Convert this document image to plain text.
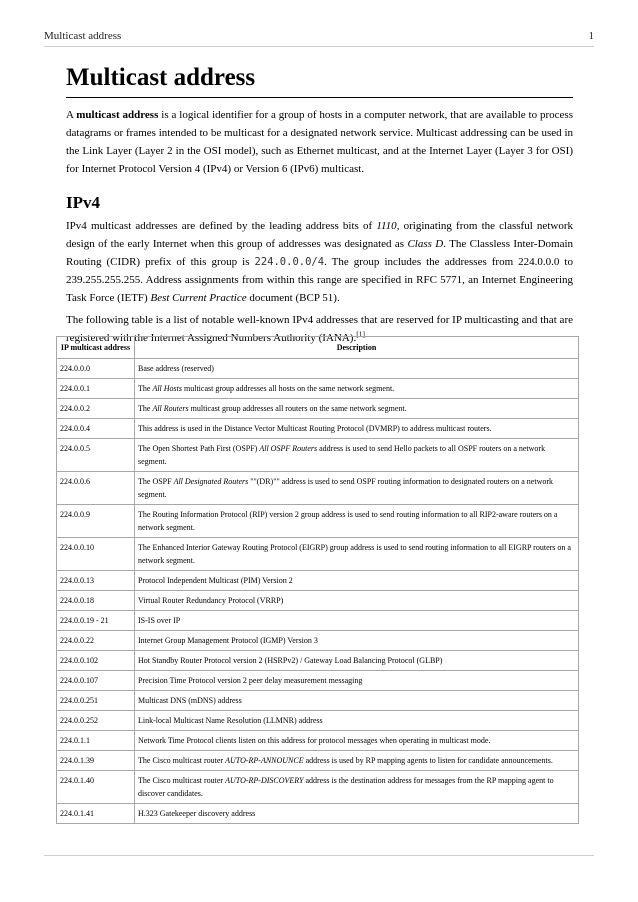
Multicast address	1
Multicast address

A multicast address is a logical identifier for a group of hosts in a computer network, that are available to process datagrams or frames intended to be multicast for a designated network service. Multicast addressing can be used in the Link Layer (Layer 2 in the OSI model), such as Ethernet multicast, and at the Internet Layer (Layer 3 for OSI) for Internet Protocol Version 4 (IPv4) or Version 6 (IPv6) multicast.

IPv4

IPv4 multicast addresses are defined by the leading address bits of 1110, originating from the classful network design of the early Internet when this group of addresses was designated as Class D. The Classless Inter-Domain Routing (CIDR) prefix of this group is 224.0.0.0/4. The group includes the addresses from 224.0.0.0 to 239.255.255.255. Address assignments from within this range are specified in RFC 5771, an Internet Engineering Task Force (IETF) Best Current Practice document (BCP 51).

The following table is a list of notable well-known IPv4 addresses that are reserved for IP multicasting and that are registered with the Internet Assigned Numbers Authority (IANA).[1]

IP multicast address	Description
224.0.0.0	Base address (reserved)
224.0.0.1	The All Hosts multicast group addresses all hosts on the same network segment.
224.0.0.2	The All Routers multicast group addresses all routers on the same network segment.
224.0.0.4	This address is used in the Distance Vector Multicast Routing Protocol (DVMRP) to address multicast routers.
224.0.0.5	The Open Shortest Path First (OSPF) All OSPF Routers address is used to send Hello packets to all OSPF routers on a network segment.
224.0.0.6	The OSPF All Designated Routers ""(DR)"" address is used to send OSPF routing information to designated routers on a network segment.
224.0.0.9	The Routing Information Protocol (RIP) version 2 group address is used to send routing information to all RIP2-aware routers on a network segment.
224.0.0.10	The Enhanced Interior Gateway Routing Protocol (EIGRP) group address is used to send routing information to all EIGRP routers on a network segment.
224.0.0.13	Protocol Independent Multicast (PIM) Version 2
224.0.0.18	Virtual Router Redundancy Protocol (VRRP)
224.0.0.19 - 21	IS-IS over IP
224.0.0.22	Internet Group Management Protocol (IGMP) Version 3
224.0.0.102	Hot Standby Router Protocol version 2 (HSRPv2) / Gateway Load Balancing Protocol (GLBP)
224.0.0.107	Precision Time Protocol version 2 peer delay measurement messaging
224.0.0.251	Multicast DNS (mDNS) address
224.0.0.252	Link-local Multicast Name Resolution (LLMNR) address
224.0.1.1	Network Time Protocol clients listen on this address for protocol messages when operating in multicast mode.
224.0.1.39	The Cisco multicast router AUTO-RP-ANNOUNCE address is used by RP mapping agents to listen for candidate announcements.
224.0.1.40	The Cisco multicast router AUTO-RP-DISCOVERY address is the destination address for messages from the RP mapping agent to discover candidates.
224.0.1.41	H.323 Gatekeeper discovery address
